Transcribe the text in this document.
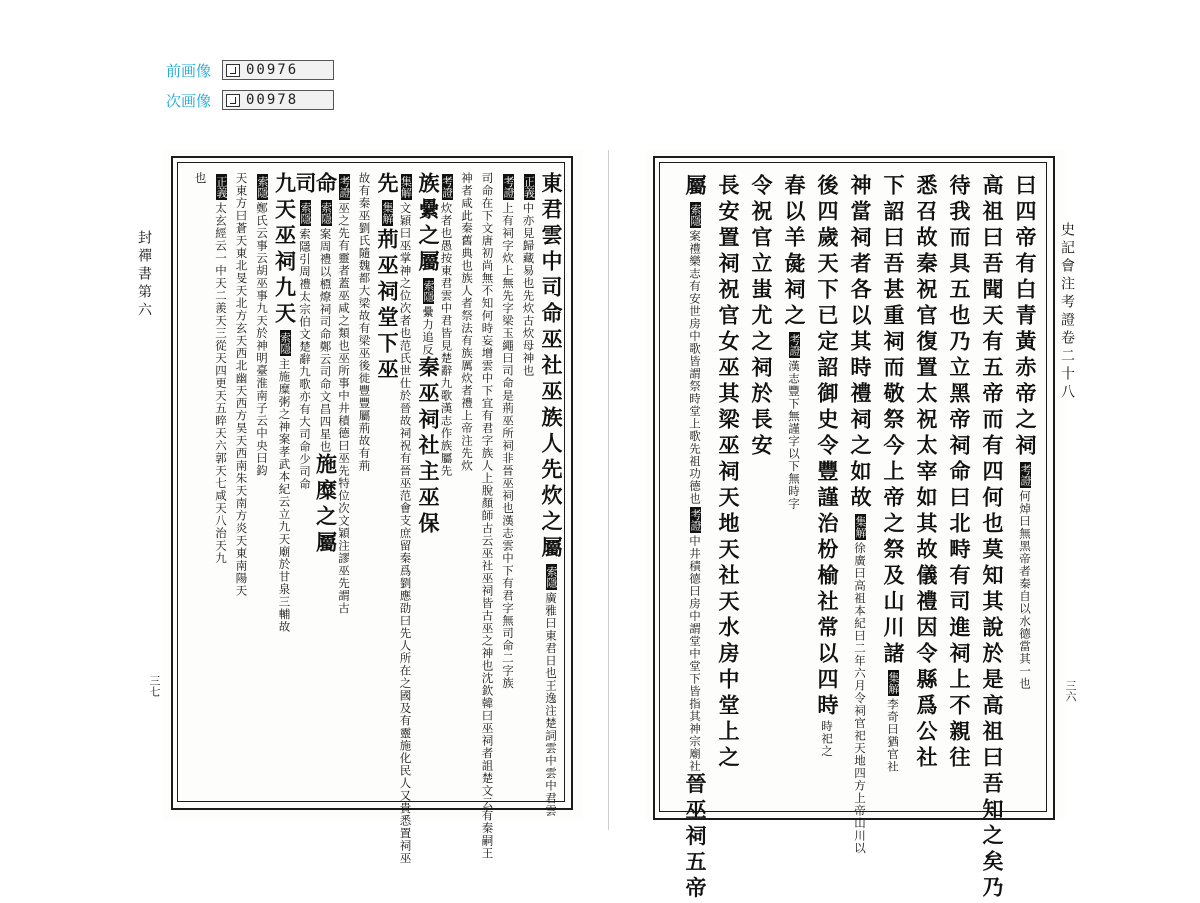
前画像	00976
次画像	00978
東君雲中司命巫社巫族人先炊之屬索隱廣雅曰東君日也王逸注楚詞雲中雲中君雲
正義中亦見歸藏易也先炊古炊母神也
考證上有祠字炊上無先字梁玉繩曰司命是荊巫所祠非晉巫祠也漢志雲中下有君字無司命二字族
司命在下文唐初尚無不知何時妄增雲中下宜有君字族人上脫顏師古云巫社巫祠皆古巫之神也沈欽韓曰巫祠者詛楚文云有秦嗣王
神者咸此秦舊典也族人者祭法有族厲炊者禮上帝注先炊
考證炊者也愚按東君雲中君皆見楚辭九歌漢志作族屬先
族纍之屬索隱纍力追反秦巫祠社主巫保
集解文穎曰巫掌神之位次者也范氏世仕於晉故祠祝有晉巫范會支庶留秦爲劉應劭曰先人所在之國及有靈施化民人又貴悉置祠巫
先集解荊巫祠堂下巫
故有秦巫劉氏隨魏都大梁故有梁巫後徙豐豐屬荊故有荊
考證巫之先有靈者蓋巫咸之類也巫所事中井積德曰巫先特位次文穎注謬巫先謂古
命索隱案周禮以槱燎祠司命鄭云司命文昌四星也施糜之屬
司索隱索隱引周禮太宗伯文楚辭九歌亦有大司命少司命
九天巫祠九天索隱主施糜粥之神案孝武本紀云立九天廟於甘泉三輔故
索隱鄭氏云事云胡巫事九天於神明臺淮南子云中央曰鈞
天東方曰蒼天東北旻天北方玄天西北幽天西方昊天西南朱天南方炎天東南陽天
正義太玄經云一中天二羨天三從天四更天五睟天六郭天七咸天八治天九
也
封禪書第六
三七
曰四帝有白青黃赤帝之祠考證何焯曰無黑帝者秦自以水德當其一也
高祖曰吾聞天有五帝而有四何也莫知其說於是高祖曰吾知之矣乃
待我而具五也乃立黑帝祠命曰北畤有司進祠上不親往
悉召故秦祝官復置太祝太宰如其故儀禮因令縣爲公社
下詔曰吾甚重祠而敬祭今上帝之祭及山川諸集解李奇曰猶官社
神當祠者各以其時禮祠之如故集解徐廣曰高祖本紀曰二年六月令祠官祀天地四方上帝山川以
後四歲天下已定詔御史令豐謹治枌榆社常以四時時祀之
春以羊彘祠之考證漢志豐下無謹字以下無時字
令祝官立蚩尤之祠於長安
長安置祠祝官女巫其梁巫祠天地天社天水房中堂上之
屬索隱案禮樂志有安世房中歌皆謂祭時堂上歌先祖功德也考證中井積德曰房中謂堂中堂下皆指其神宗廟社晉巫祠五帝
史記會注考證卷二十八
三六
